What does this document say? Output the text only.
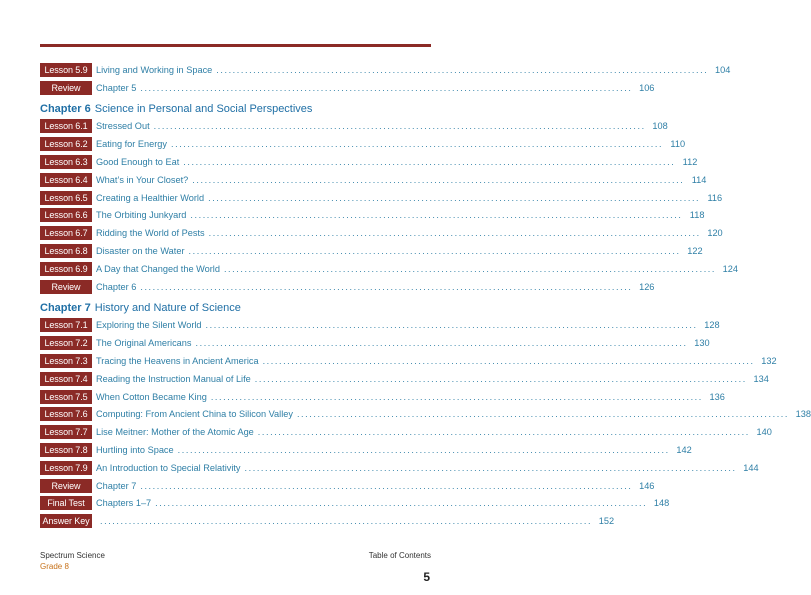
Lesson 5.9 Living and Working in Space ........................................................................................................................ 104
Review	Chapter 5 ........................................................................................................................ 106
Chapter 6 Science in Personal and Social Perspectives
Lesson 6.1 Stressed Out ........................................................................................................................ 108
Lesson 6.2 Eating for Energy ........................................................................................................................ 110
Lesson 6.3 Good Enough to Eat ........................................................................................................................ 112
Lesson 6.4 What’s in Your Closet? ........................................................................................................................ 114
Lesson 6.5 Creating a Healthier World ........................................................................................................................ 116
Lesson 6.6 The Orbiting Junkyard ........................................................................................................................ 118
Lesson 6.7 Ridding the World of Pests ........................................................................................................................ 120
Lesson 6.8 Disaster on the Water ........................................................................................................................ 122
Lesson 6.9 A Day that Changed the World ........................................................................................................................ 124
Review	Chapter 6 ........................................................................................................................ 126
Chapter 7 History and Nature of Science
Lesson 7.1 Exploring the Silent World ........................................................................................................................ 128
Lesson 7.2 The Original Americans ........................................................................................................................ 130
Lesson 7.3 Tracing the Heavens in Ancient America ........................................................................................................................ 132
Lesson 7.4 Reading the Instruction Manual of Life ........................................................................................................................ 134
Lesson 7.5 When Cotton Became King ........................................................................................................................ 136
Lesson 7.6 Computing: From Ancient China to Silicon Valley ........................................................................................................................ 138
Lesson 7.7 Lise Meitner: Mother of the Atomic Age ........................................................................................................................ 140
Lesson 7.8 Hurtling into Space ........................................................................................................................ 142
Lesson 7.9 An Introduction to Special Relativity ........................................................................................................................ 144
Review	Chapter 7 ........................................................................................................................ 146
Final Test	Chapters 1–7 ........................................................................................................................ 148
Answer Key ........................................................................................................................ 152
Spectrum Science
Grade 8
Table of Contents
5
